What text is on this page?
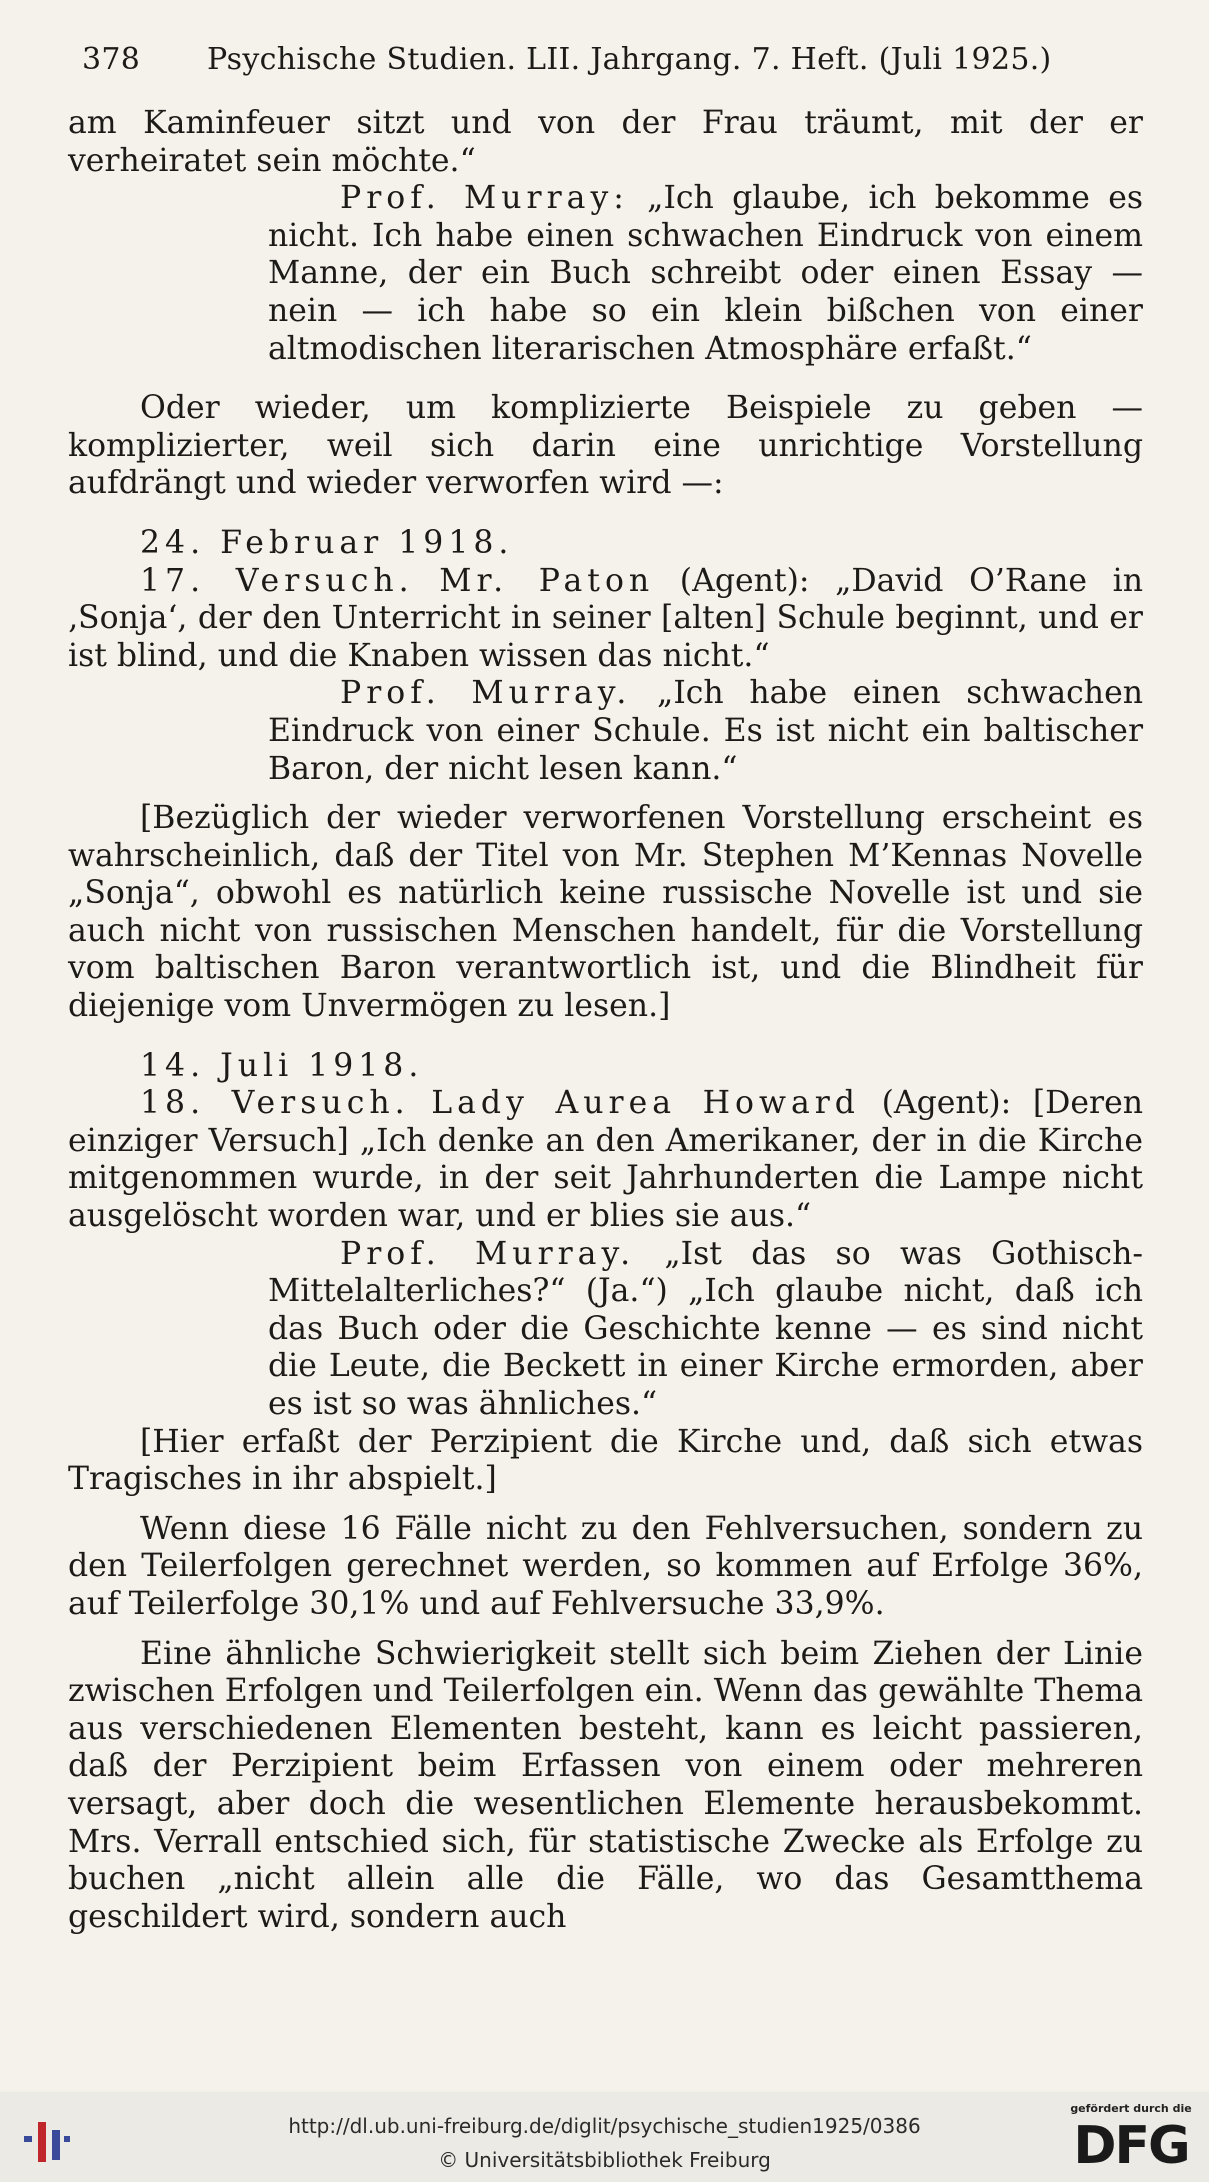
378 Psychische Studien. LII. Jahrgang. 7. Heft. (Juli 1925.)

am Kaminfeuer sitzt und von der Frau träumt, mit der er verheiratet sein möchte.“

Prof. Murray: „Ich glaube, ich bekomme es nicht. Ich habe einen schwachen Eindruck von einem Manne, der ein Buch schreibt oder einen Essay — nein — ich habe so ein klein bißchen von einer altmodischen literarischen Atmosphäre erfaßt.“

Oder wieder, um komplizierte Beispiele zu geben — komplizierter, weil sich darin eine unrichtige Vorstellung aufdrängt und wieder verworfen wird —:

24. Februar 1918.

17. Versuch. Mr. Paton (Agent): „David O’Rane in ‚Sonja‘, der den Unterricht in seiner [alten] Schule beginnt, und er ist blind, und die Knaben wissen das nicht.“

Prof. Murray. „Ich habe einen schwachen Eindruck von einer Schule. Es ist nicht ein baltischer Baron, der nicht lesen kann.“

[Bezüglich der wieder verworfenen Vorstellung erscheint es wahrscheinlich, daß der Titel von Mr. Stephen M’Kennas Novelle „Sonja“, obwohl es natürlich keine russische Novelle ist und sie auch nicht von russischen Menschen handelt, für die Vorstellung vom baltischen Baron verantwortlich ist, und die Blindheit für diejenige vom Unvermögen zu lesen.]

14. Juli 1918.

18. Versuch. Lady Aurea Howard (Agent): [Deren einziger Versuch] „Ich denke an den Amerikaner, der in die Kirche mitgenommen wurde, in der seit Jahrhunderten die Lampe nicht ausgelöscht worden war, und er blies sie aus.“

Prof. Murray. „Ist das so was Gothisch-Mittelalterliches?“ (Ja.“) „Ich glaube nicht, daß ich das Buch oder die Geschichte kenne — es sind nicht die Leute, die Beckett in einer Kirche ermorden, aber es ist so was ähnliches.“

[Hier erfaßt der Perzipient die Kirche und, daß sich etwas Tragisches in ihr abspielt.]

Wenn diese 16 Fälle nicht zu den Fehlversuchen, sondern zu den Teilerfolgen gerechnet werden, so kommen auf Erfolge 36%, auf Teilerfolge 30,1% und auf Fehlversuche 33,9%.

Eine ähnliche Schwierigkeit stellt sich beim Ziehen der Linie zwischen Erfolgen und Teilerfolgen ein. Wenn das gewählte Thema aus verschiedenen Elementen besteht, kann es leicht passieren, daß der Perzipient beim Erfassen von einem oder mehreren versagt, aber doch die wesentlichen Elemente herausbekommt. Mrs. Verrall entschied sich, für statistische Zwecke als Erfolge zu buchen „nicht allein alle die Fälle, wo das Gesamtthema geschildert wird, sondern auch

http://dl.ub.uni-freiburg.de/diglit/psychische_studien1925/0386
© Universitätsbibliothek Freiburg
gefördert durch die
DFG
